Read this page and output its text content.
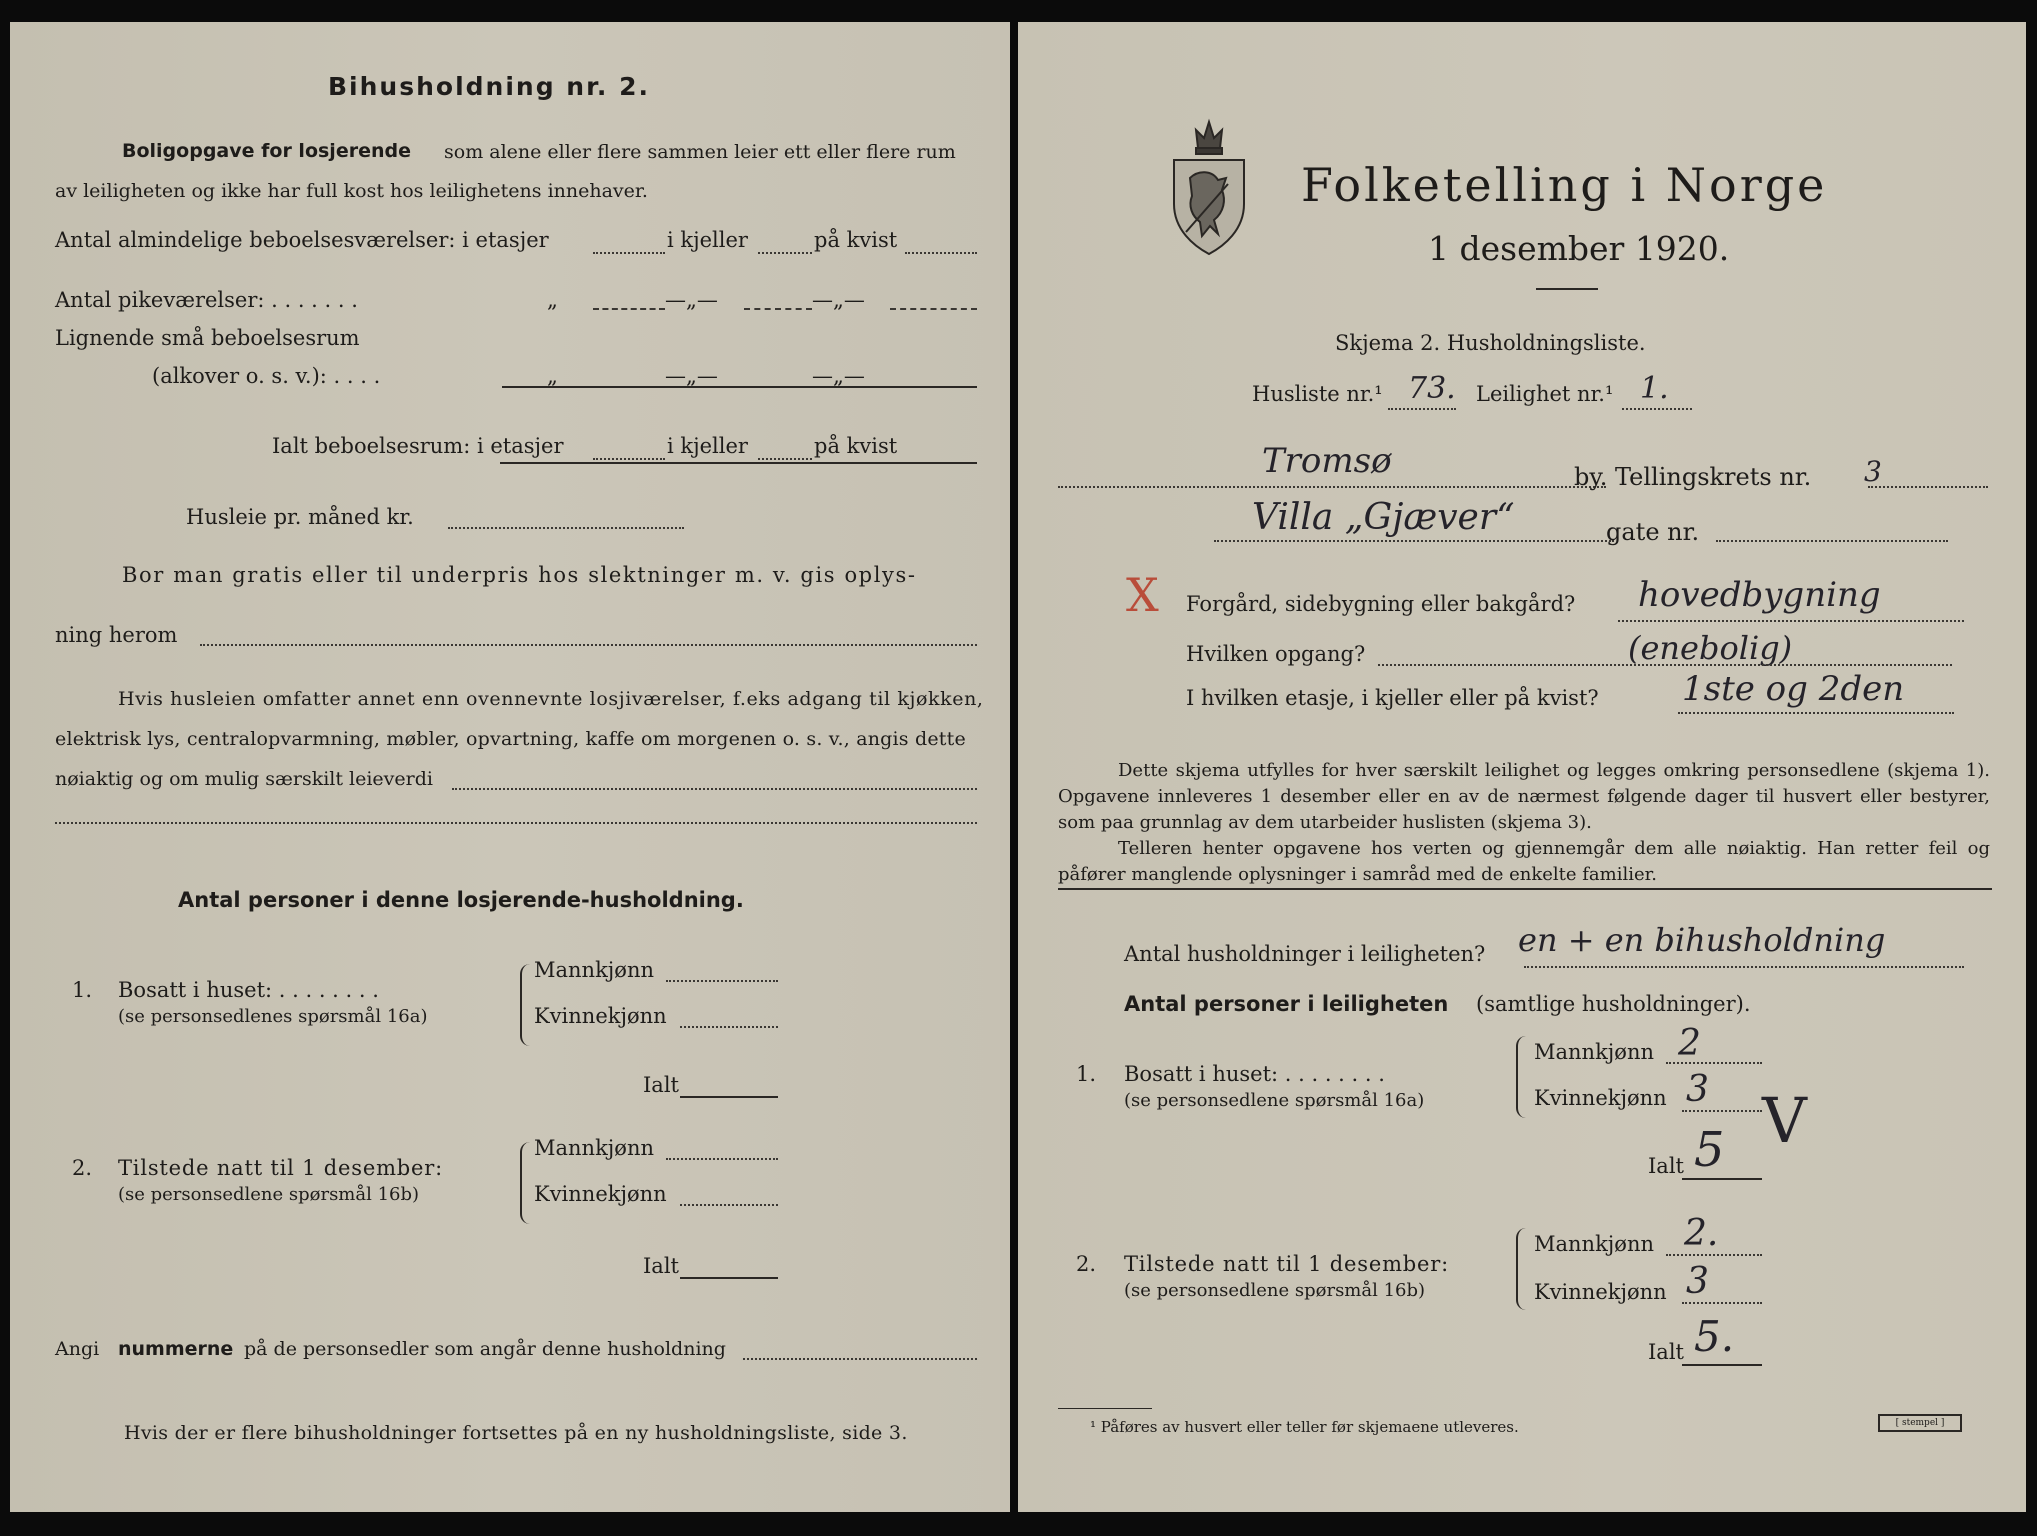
Bihusholdning nr. 2.
Boligopgave for losjerende som alene eller flere sammen leier ett eller flere rum
av leiligheten og ikke har full kost hos leilighetens innehaver.
Antal almindelige beboelsesværelser: i etasjer	i kjeller	på kvist
Antal pikeværelser: . . . . . . .	„	—„—	—„—
Lignende små beboelsesrum
(alkover o. s. v.): . . . .	„	—„—	—„—
Ialt beboelsesrum: i etasjer	i kjeller	på kvist
Husleie pr. måned kr.
Bor man gratis eller til underpris hos slektninger m. v. gis oplys-
ning herom
Hvis husleien omfatter annet enn ovennevnte losjiværelser, f.eks adgang til kjøkken,
elektrisk lys, centralopvarmning, møbler, opvartning, kaffe om morgenen o. s. v., angis dette
nøiaktig og om mulig særskilt leieverdi
Antal personer i denne losjerende-husholdning.
1. Bosatt i huset: . . . . . . . .
(se personsedlenes spørsmål 16a)
Mannkjønn
Kvinnekjønn
Ialt
2. Tilstede natt til 1 desember:
(se personsedlene spørsmål 16b)
Mannkjønn
Kvinnekjønn
Ialt
Angi nummerne på de personsedler som angår denne husholdning
Hvis der er flere bihusholdninger fortsettes på en ny husholdningsliste, side 3.
Folketelling i Norge
1 desember 1920.
Skjema 2. Husholdningsliste.
Husliste nr.¹ 73. Leilighet nr.¹ 1.
Tromsø	by. Tellingskrets nr. 3
Villa „Gjæver“	gate nr.
X Forgård, sidebygning eller bakgård? hovedbygning
Hvilken opgang?	(enebolig)
I hvilken etasje, i kjeller eller på kvist? 1ste og 2den
Dette skjema utfylles for hver særskilt leilighet og legges omkring personsedlene (skjema 1). Opgavene innleveres 1 desember eller en av de nærmest følgende dager til husvert eller bestyrer, som paa grunnlag av dem utarbeider huslisten (skjema 3).
Telleren henter opgavene hos verten og gjennemgår dem alle nøiaktig. Han retter feil og påfører manglende oplysninger i samråd med de enkelte familier.
Antal husholdninger i leiligheten? en + en bihusholdning
Antal personer i leiligheten (samtlige husholdninger).
1. Bosatt i huset: . . . . . . . .
(se personsedlene spørsmål 16a)
Mannkjønn 2
Kvinnekjønn 3
Ialt 5 V
2. Tilstede natt til 1 desember:
(se personsedlene spørsmål 16b)
Mannkjønn 2.
Kvinnekjønn 3
Ialt 5.
¹ Påføres av husvert eller teller før skjemaene utleveres.	[ stempel ]
